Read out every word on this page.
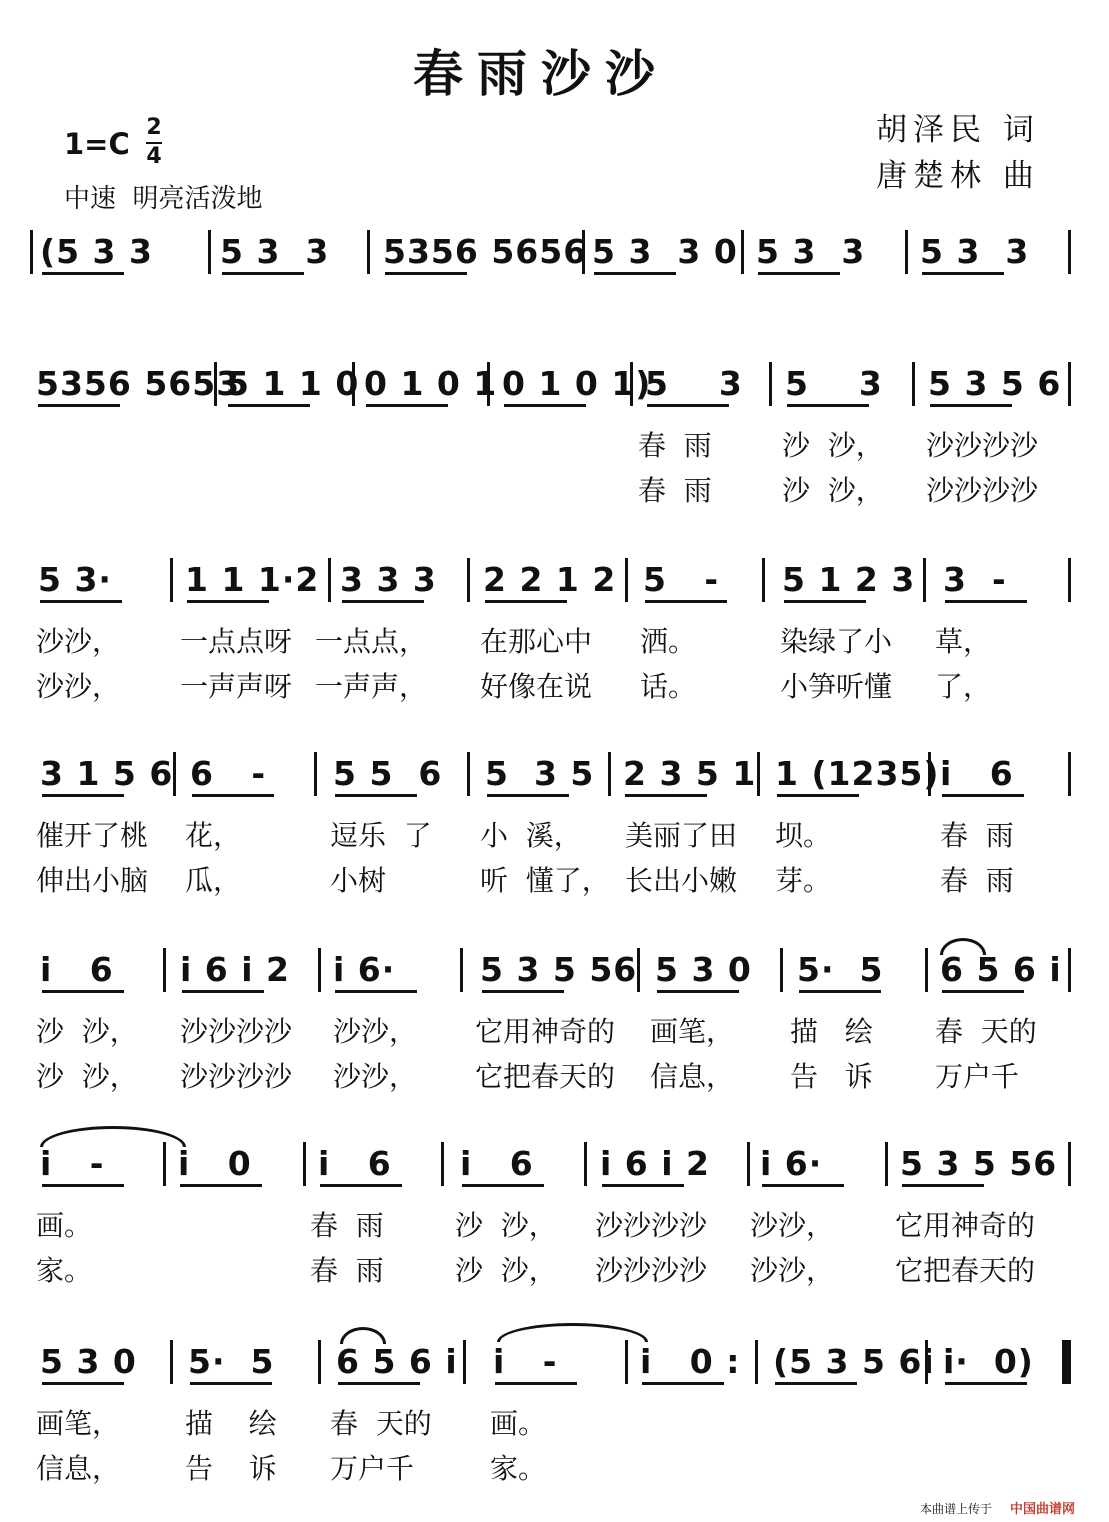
春雨沙沙
1=C 2
4
中速  明亮活泼地
胡泽民 词
唐楚林 曲
(5 3 3 5 3  3 5356 5656 5 3  3 0 5 3  3 5 3  3
5356 5653
5 1 1 0 0 1 0 1 0 1 0 1)
5    3 5    3 5 3 5 6
春  雨	沙  沙， 沙沙沙沙
春  雨	沙  沙， 沙沙沙沙
5 3· 1 1 1·2 3 3 3 2 2 1 2 5   - 5 1 2 3 3  -
沙沙， 一点点呀 一点点， 在那心中 洒。	染绿了小 草，
沙沙， 一声声呀 一声声， 好像在说 话。	小笋听懂 了，
3 1 5 6 6   - 5 5  6 5  3 5 2 3 5 1 1 (1235) i   6
催开了桃 花，	逗乐  了 小  溪， 美丽了田 坝。	春  雨
伸出小脑 瓜，	小树	听  懂了， 长出小嫩 芽。	春  雨
i   6 i 6 i 2 i 6·	5 3 5 56 5 3 0 5·  5 6 5 6 i
沙  沙， 沙沙沙沙 沙沙， 它用神奇的 画笔， 描   绘 春  天的
沙  沙， 沙沙沙沙 沙沙， 它把春天的 信息， 告   诉 万户千
i   - i   0 i   6 i   6 i 6 i 2 i 6· 5 3 5 56
画。	春  雨	沙  沙， 沙沙沙沙 沙沙， 它用神奇的
家。	春  雨	沙  沙， 沙沙沙沙 沙沙， 它把春天的
5 3 0 5·  5 6 5 6 i i   -	i   0 : (5 3 5 6i i·  0)
画笔， 描    绘 春  天的 画。
信息， 告    诉 万户千	家。
本曲谱上传于 中国曲谱网
